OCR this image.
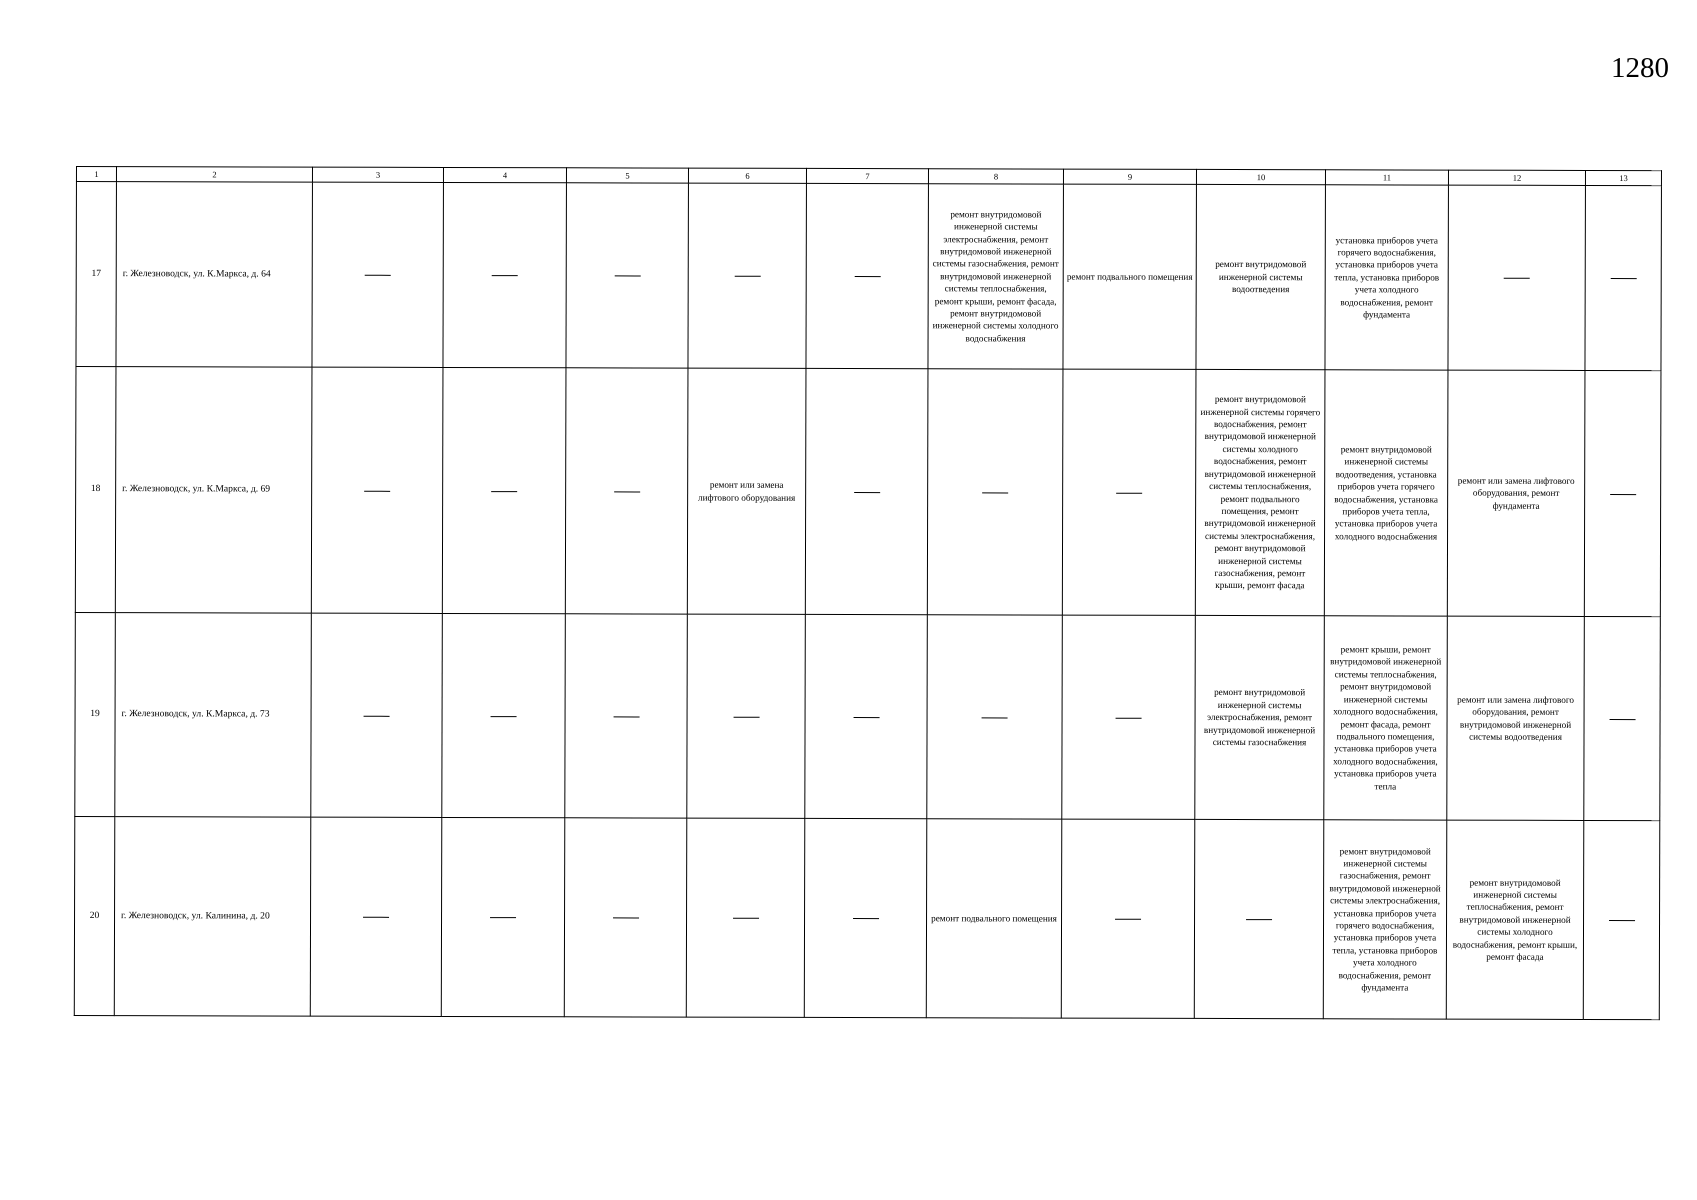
1280
1	2	3	4	5	6	7	8	9	10	11	12	13
17	г. Железноводск, ул. К.Маркса, д. 64						ремонт внутридомовой инженерной системы электроснабжения, ремонт внутридомовой инженерной системы газоснабжения, ремонт внутридомовой инженерной системы теплоснабжения, ремонт крыши, ремонт фасада, ремонт внутридомовой инженерной системы холодного водоснабжения	ремонт подвального помещения	ремонт внутридомовой инженерной системы водоотведения	установка приборов учета горячего водоснабжения, установка приборов учета тепла, установка приборов учета холодного водоснабжения, ремонт фундамента		
18	г. Железноводск, ул. К.Маркса, д. 69				ремонт или замена лифтового оборудования				ремонт внутридомовой инженерной системы горячего водоснабжения, ремонт внутридомовой инженерной системы холодного водоснабжения, ремонт внутридомовой инженерной системы теплоснабжения, ремонт подвального помещения, ремонт внутридомовой инженерной системы электроснабжения, ремонт внутридомовой инженерной системы газоснабжения, ремонт крыши, ремонт фасада	ремонт внутридомовой инженерной системы водоотведения, установка приборов учета горячего водоснабжения, установка приборов учета тепла, установка приборов учета холодного водоснабжения	ремонт или замена лифтового оборудования, ремонт фундамента	
19	г. Железноводск, ул. К.Маркса, д. 73								ремонт внутридомовой инженерной системы электроснабжения, ремонт внутридомовой инженерной системы газоснабжения	ремонт крыши, ремонт внутридомовой инженерной системы теплоснабжения, ремонт внутридомовой инженерной системы холодного водоснабжения, ремонт фасада, ремонт подвального помещения, установка приборов учета холодного водоснабжения, установка приборов учета тепла	ремонт или замена лифтового оборудования, ремонт внутридомовой инженерной системы водоотведения	
20	г. Железноводск, ул. Калинина, д. 20						ремонт подвального помещения			ремонт внутридомовой инженерной системы газоснабжения, ремонт внутридомовой инженерной системы электроснабжения, установка приборов учета горячего водоснабжения, установка приборов учета тепла, установка приборов учета холодного водоснабжения, ремонт фундамента	ремонт внутридомовой инженерной системы теплоснабжения, ремонт внутридомовой инженерной системы холодного водоснабжения, ремонт крыши, ремонт фасада	
